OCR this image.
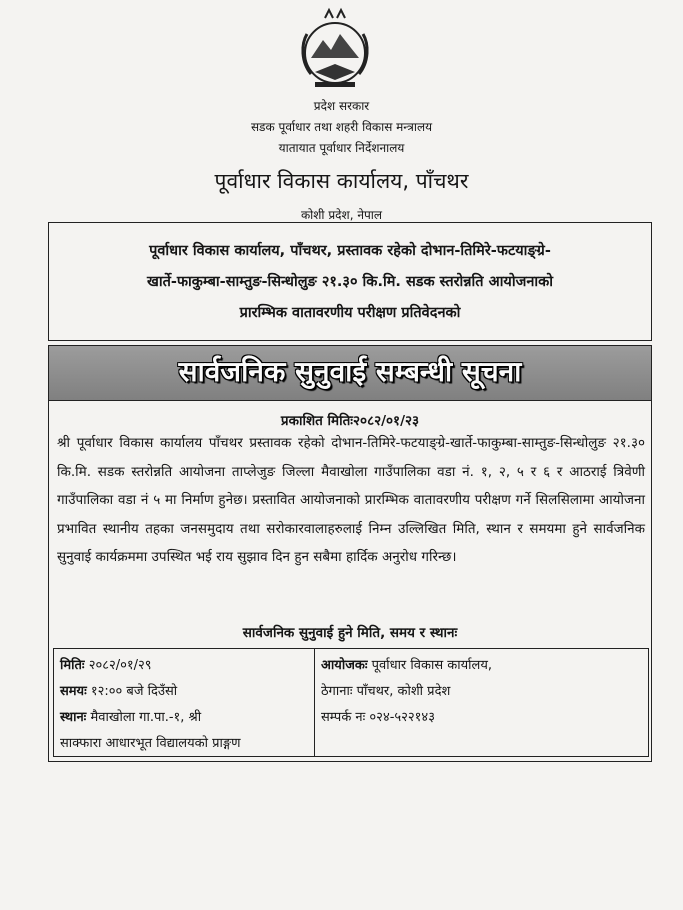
प्रदेश सरकार
सडक पूर्वाधार तथा शहरी विकास मन्त्रालय
यातायात पूर्वाधार निर्देशनालय
पूर्वाधार विकास कार्यालय, पाँचथर
कोशी प्रदेश, नेपाल
पूर्वाधार विकास कार्यालय, पाँचथर, प्रस्तावक रहेको दोभान-तिमिरे-फटयाङ्ग्रे-
खार्ते-फाकुम्बा-साम्तुङ-सिन्धोलुङ २१.३० कि.मि. सडक स्तरोन्नति आयोजनाको
प्रारम्भिक वातावरणीय परीक्षण प्रतिवेदनको
सार्वजनिक सुनुवाई सम्बन्धी सूचना
प्रकाशित मितिः२०८२/०१/२३
श्री पूर्वाधार विकास कार्यालय पाँचथर प्रस्तावक रहेको दोभान-तिमिरे-फटयाङ्ग्रे-खार्ते-फाकुम्बा-साम्तुङ-सिन्धोलुङ २१.३० कि.मि. सडक स्तरोन्नति आयोजना ताप्लेजुङ जिल्ला मैवाखोला गाउँपालिका वडा नं. १, २, ५ र ६ र आठराई त्रिवेणी गाउँपालिका वडा नं ५ मा निर्माण हुनेछ। प्रस्तावित आयोजनाको प्रारम्भिक वातावरणीय परीक्षण गर्ने सिलसिलामा आयोजना प्रभावित स्थानीय तहका जनसमुदाय तथा सरोकारवालाहरुलाई निम्न उल्लिखित मिति, स्थान र समयमा हुने सार्वजनिक सुनुवाई कार्यक्रममा उपस्थित भई राय सुझाव दिन हुन सबैमा हार्दिक अनुरोध गरिन्छ।
सार्वजनिक सुनुवाई हुने मिति, समय र स्थानः
मितिः २०८२/०१/२९
समयः १२:०० बजे दिउँसो
स्थानः मैवाखोला गा.पा.-१, श्री
साक्फारा आधारभूत विद्यालयको प्राङ्गण
आयोजकः पूर्वाधार विकास कार्यालय,
ठेगानाः पाँचथर, कोशी प्रदेश
सम्पर्क नः ०२४-५२२१४३
